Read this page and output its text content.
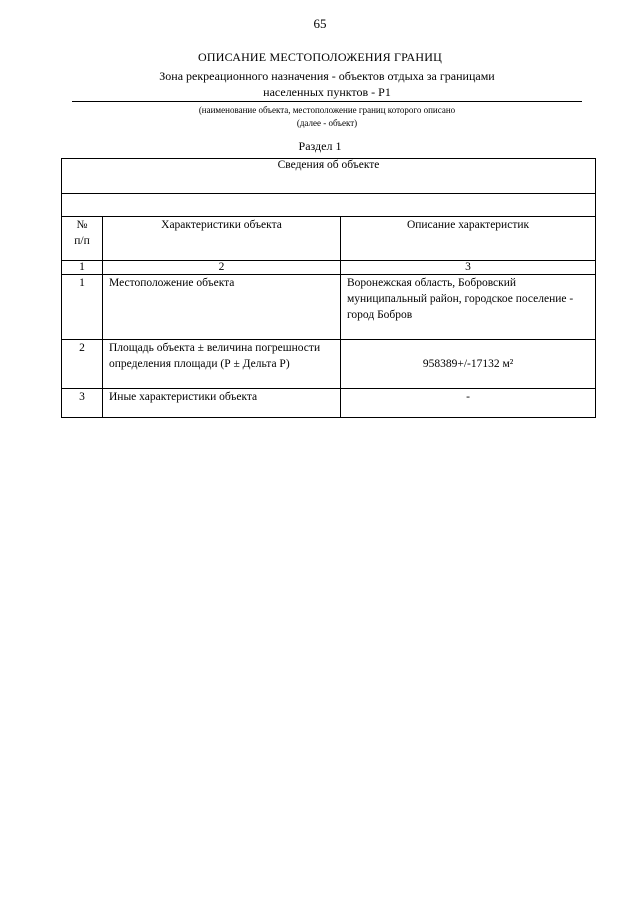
65
ОПИСАНИЕ МЕСТОПОЛОЖЕНИЯ ГРАНИЦ
Зона рекреационного назначения - объектов отдыха за границами
населенных пунктов - Р1
(наименование объекта, местоположение границ которого описано
(далее - объект)
Раздел 1
Сведения об объекте		

№
п/п	Характеристики объекта	Описание характеристик
1	2	3
1	Местоположение объекта	Воронежская область, Бобровский муниципальный район, городское поселение - город Бобров
2	Площадь объекта ± величина погрешности определения площади (Р ± Дельта Р)	958389+/-17132 м²
3	Иные характеристики объекта	-
